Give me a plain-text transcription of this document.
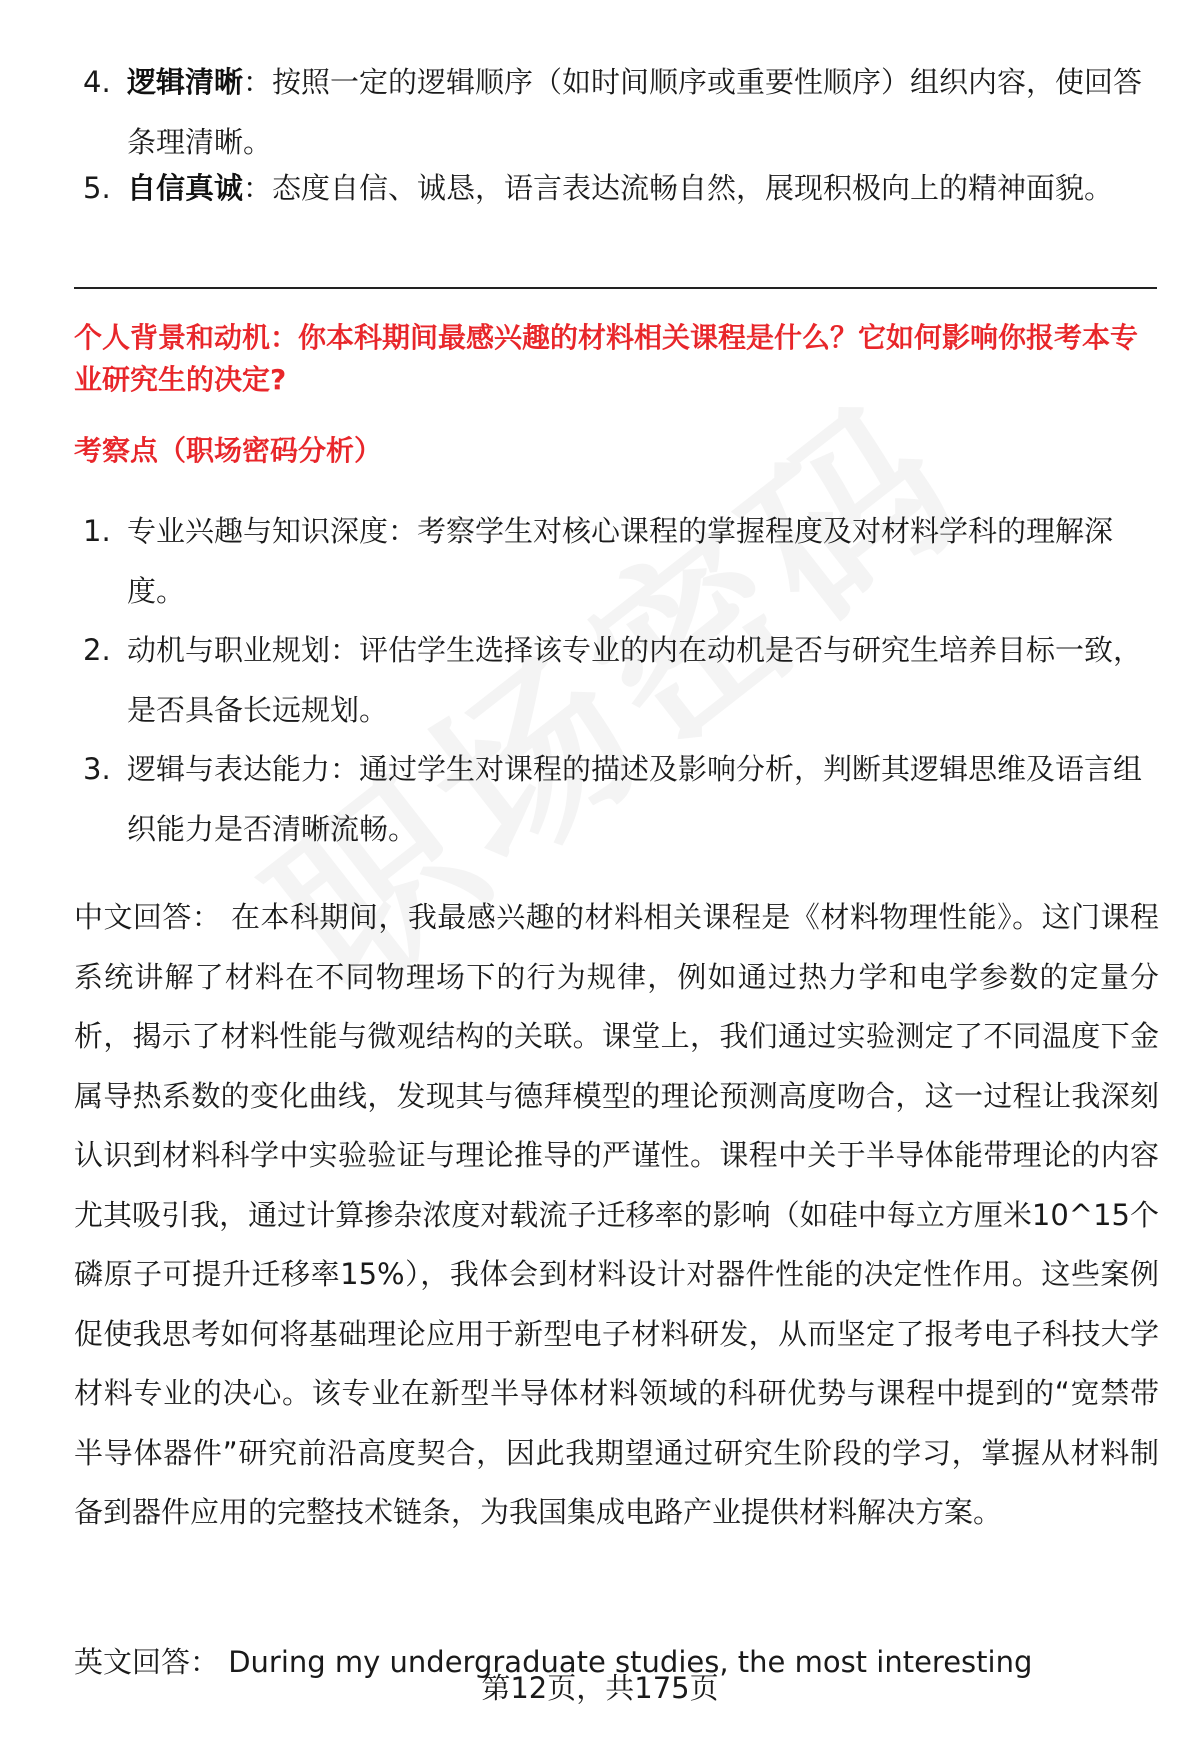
4. 逻辑清晰：按照一定的逻辑顺序（如时间顺序或重要性顺序）组织内容，使回答条理清晰。
5. 自信真诚：态度自信、诚恳，语言表达流畅自然，展现积极向上的精神面貌。
个人背景和动机：你本科期间最感兴趣的材料相关课程是什么？它如何影响你报考本专业研究生的决定?
考察点（职场密码分析）
1. 专业兴趣与知识深度：考察学生对核心课程的掌握程度及对材料学科的理解深度。
2. 动机与职业规划：评估学生选择该专业的内在动机是否与研究生培养目标一致，是否具备长远规划。
3. 逻辑与表达能力：通过学生对课程的描述及影响分析，判断其逻辑思维及语言组织能力是否清晰流畅。
中文回答： 在本科期间，我最感兴趣的材料相关课程是《材料物理性能》。这门课程系统讲解了材料在不同物理场下的行为规律，例如通过热力学和电学参数的定量分析，揭示了材料性能与微观结构的关联。课堂上，我们通过实验测定了不同温度下金属导热系数的变化曲线，发现其与德拜模型的理论预测高度吻合，这一过程让我深刻认识到材料科学中实验验证与理论推导的严谨性。课程中关于半导体能带理论的内容尤其吸引我，通过计算掺杂浓度对载流子迁移率的影响（如硅中每立方厘米10^15个磷原子可提升迁移率15%），我体会到材料设计对器件性能的决定性作用。这些案例促使我思考如何将基础理论应用于新型电子材料研发，从而坚定了报考电子科技大学材料专业的决心。该专业在新型半导体材料领域的科研优势与课程中提到的“宽禁带半导体器件”研究前沿高度契合，因此我期望通过研究生阶段的学习，掌握从材料制备到器件应用的完整技术链条，为我国集成电路产业提供材料解决方案。
英文回答： During my undergraduate studies, the most interesting
第12页，共175页
